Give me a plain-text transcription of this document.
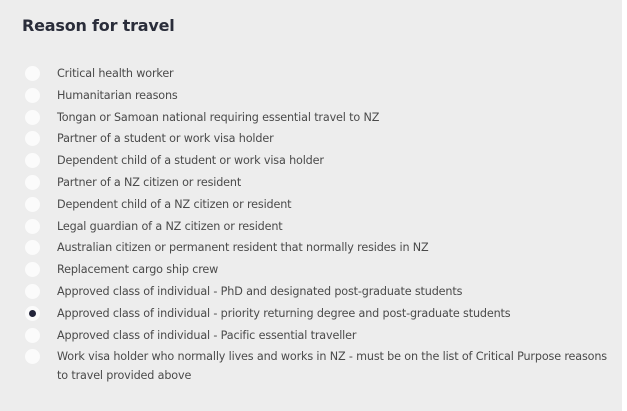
Reason for travel
Critical health worker
Humanitarian reasons
Tongan or Samoan national requiring essential travel to NZ
Partner of a student or work visa holder
Dependent child of a student or work visa holder
Partner of a NZ citizen or resident
Dependent child of a NZ citizen or resident
Legal guardian of a NZ citizen or resident
Australian citizen or permanent resident that normally resides in NZ
Replacement cargo ship crew
Approved class of individual - PhD and designated post-graduate students
Approved class of individual - priority returning degree and post-graduate students
Approved class of individual - Pacific essential traveller
Work visa holder who normally lives and works in NZ - must be on the list of Critical Purpose reasons to travel provided above
